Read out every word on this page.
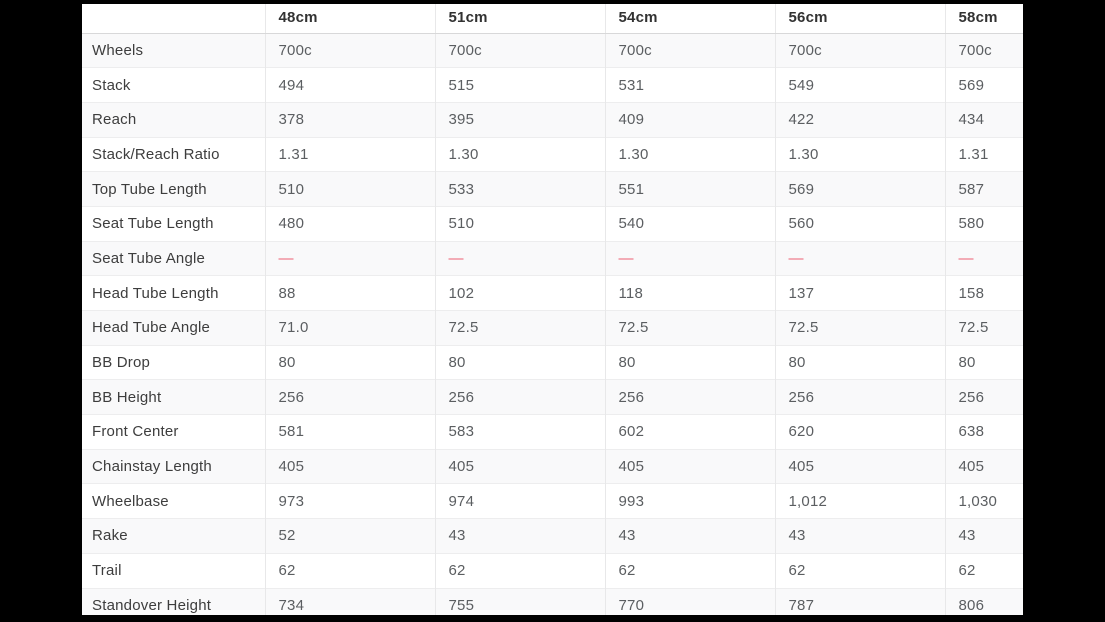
	48cm	51cm	54cm	56cm	58cm
Wheels	700c	700c	700c	700c	700c
Stack	494	515	531	549	569
Reach	378	395	409	422	434
Stack/Reach Ratio	1.31	1.30	1.30	1.30	1.31
Top Tube Length	510	533	551	569	587
Seat Tube Length	480	510	540	560	580
Seat Tube Angle	—	—	—	—	—
Head Tube Length	88	102	118	137	158
Head Tube Angle	71.0	72.5	72.5	72.5	72.5
BB Drop	80	80	80	80	80
BB Height	256	256	256	256	256
Front Center	581	583	602	620	638
Chainstay Length	405	405	405	405	405
Wheelbase	973	974	993	1,012	1,030
Rake	52	43	43	43	43
Trail	62	62	62	62	62
Standover Height	734	755	770	787	806
